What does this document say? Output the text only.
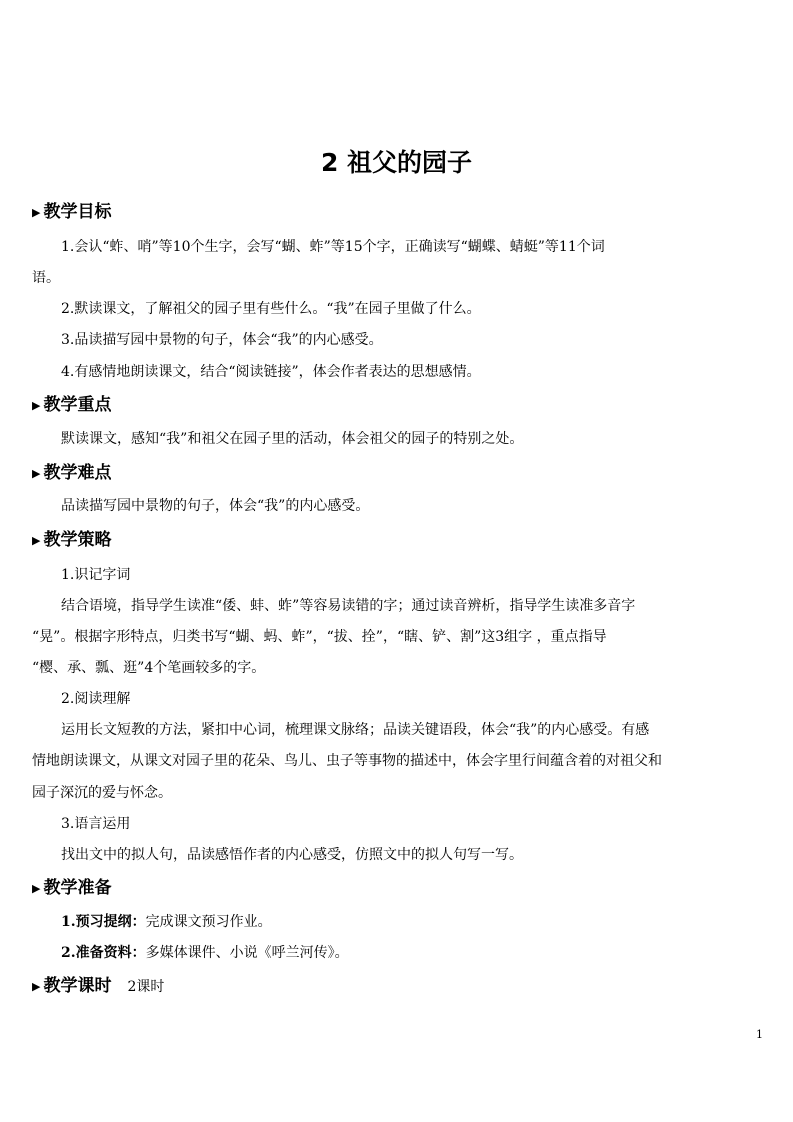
2 祖父的园子
▶ 教学目标
1.会认“蚱、哨”等10个生字，会写“蝴、蚱”等15个字，正确读写“蝴蝶、蜻蜓”等11个词
语。
2.默读课文，了解祖父的园子里有些什么。“我”在园子里做了什么。
3.品读描写园中景物的句子，体会“我”的内心感受。
4.有感情地朗读课文，结合“阅读链接”，体会作者表达的思想感情。
▶ 教学重点
默读课文，感知“我”和祖父在园子里的活动，体会祖父的园子的特别之处。
▶ 教学难点
品读描写园中景物的句子，体会“我”的内心感受。
▶ 教学策略
1.识记字词
结合语境，指导学生读准“倭、蚌、蚱”等容易读错的字；通过读音辨析，指导学生读准多音字
“晃”。根据字形特点，归类书写“蝴、蚂、蚱”，“拔、拴”，“瞎、铲、割”这3组字 ，重点指导
“樱、承、瓢、逛”4个笔画较多的字。
2.阅读理解
运用长文短教的方法，紧扣中心词，梳理课文脉络；品读关键语段，体会“我”的内心感受。有感
情地朗读课文，从课文对园子里的花朵、鸟儿、虫子等事物的描述中，体会字里行间蕴含着的对祖父和
园子深沉的爱与怀念。
3.语言运用
找出文中的拟人句，品读感悟作者的内心感受，仿照文中的拟人句写一写。
▶ 教学准备
1.预习提纲：完成课文预习作业。
2.准备资料：多媒体课件、小说《呼兰河传》。
▶ 教学课时 2课时
1
